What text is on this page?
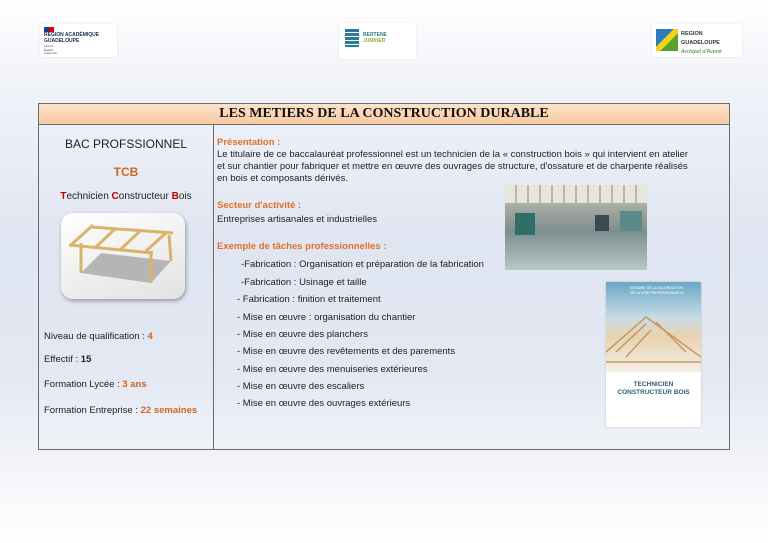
RÉGION ACADÉMIQUE
GUADELOUPE
Liberté
Égalité
Fraternité
BERTENE
JUMINER
REGION GUADELOUPE
Archipel d'Avenir
LES METIERS DE LA CONSTRUCTION DURABLE
BAC PROFSSIONNEL
TCB
Technicien Constructeur Bois
Niveau de qualification : 4
Effectif : 15
Formation Lycée : 3 ans
Formation Entreprise : 22 semaines
Présentation :
Le titulaire de ce baccalauréat professionnel est un technicien de la « construction bois » qui intervient en atelier
et sur chantier pour fabriquer et mettre en œuvre des ouvrages de structure, d'ossature et de charpente réalisés
en bois et composants dérivés.
Secteur d'activité :
Entreprises artisanales et industrielles
Exemple de tâches professionnelles :
-Fabrication : Organisation et préparation de la fabrication
-Fabrication : Usinage et taille
- Fabrication : finition et traitement
- Mise en œuvre : organisation du chantier
- Mise en œuvre des planchers
- Mise en œuvre des revêtements et des parements
- Mise en œuvre des menuiseries extérieures
- Mise en œuvre des escaliers
- Mise en œuvre des ouvrages extérieurs
SEMAINE DE LA VALORISATION
DE LA VOIE PROFESSIONNELLE
TECHNICIEN
CONSTRUCTEUR BOIS
